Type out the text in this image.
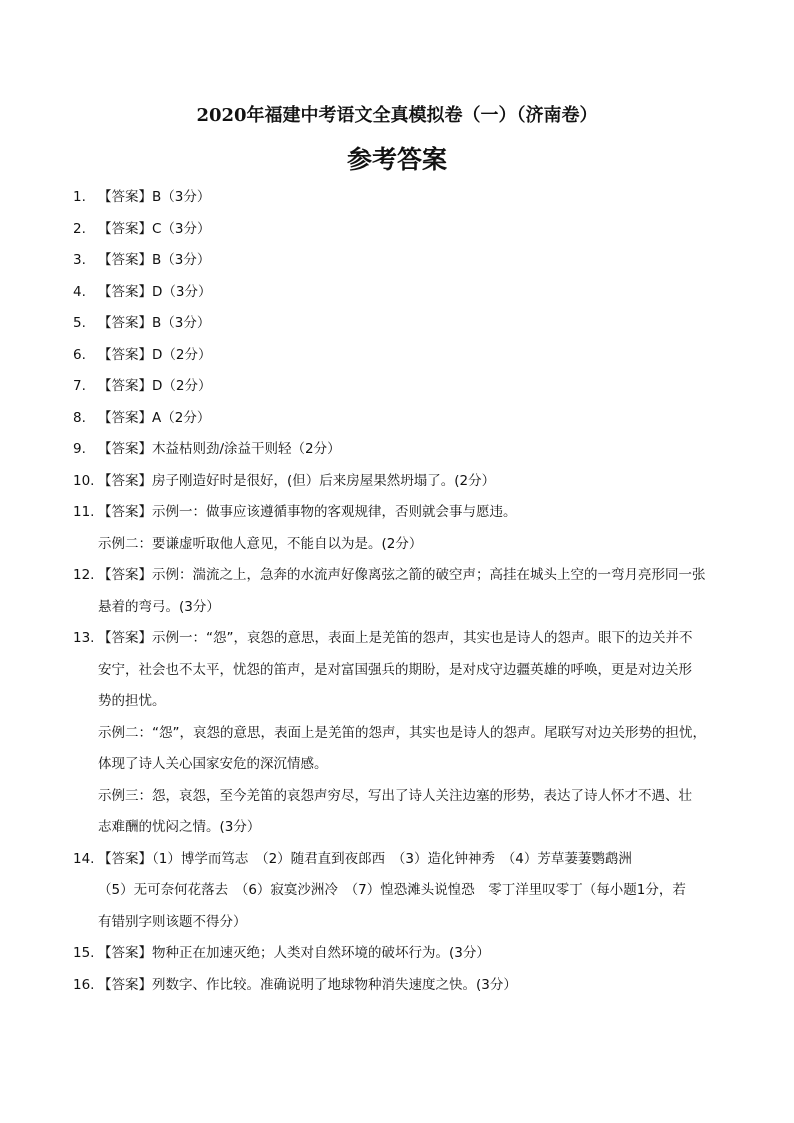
2020年福建中考语文全真模拟卷（一）（济南卷）
参考答案
1. 【答案】B（3分）
2. 【答案】C（3分）
3. 【答案】B（3分）
4. 【答案】D（3分）
5. 【答案】B（3分）
6. 【答案】D（2分）
7. 【答案】D（2分）
8. 【答案】A（2分）
9. 【答案】木益枯则劲/涂益干则轻（2分）
10. 【答案】房子刚造好时是很好，(但）后来房屋果然坍塌了。(2分）
11. 【答案】示例一：做事应该遵循事物的客观规律，否则就会事与愿违。
示例二：要谦虚听取他人意见，不能自以为是。(2分）
12. 【答案】示例：湍流之上，急奔的水流声好像离弦之箭的破空声；高挂在城头上空的一弯月亮形同一张
悬着的弯弓。(3分）
13. 【答案】示例一：“怨”，哀怨的意思，表面上是羌笛的怨声，其实也是诗人的怨声。眼下的边关并不
安宁，社会也不太平，忧怨的笛声，是对富国强兵的期盼，是对戍守边疆英雄的呼唤，更是对边关形
势的担忧。
示例二：“怨”，哀怨的意思，表面上是羌笛的怨声，其实也是诗人的怨声。尾联写对边关形势的担忧，
体现了诗人关心国家安危的深沉情感。
示例三：怨，哀怨，至今羌笛的哀怨声穷尽，写出了诗人关注边塞的形势，表达了诗人怀才不遇、壮
志难酬的忧闷之情。(3分）
14. 【答案】（1）博学而笃志　（2）随君直到夜郎西　（3）造化钟神秀　（4）芳草萋萋鹦鹉洲
（5）无可奈何花落去　（6）寂寞沙洲冷　（7）惶恐滩头说惶恐　零丁洋里叹零丁（每小题1分，若
有错别字则该题不得分）
15. 【答案】物种正在加速灭绝；人类对自然环境的破坏行为。(3分）
16. 【答案】列数字、作比较。准确说明了地球物种消失速度之快。(3分）
